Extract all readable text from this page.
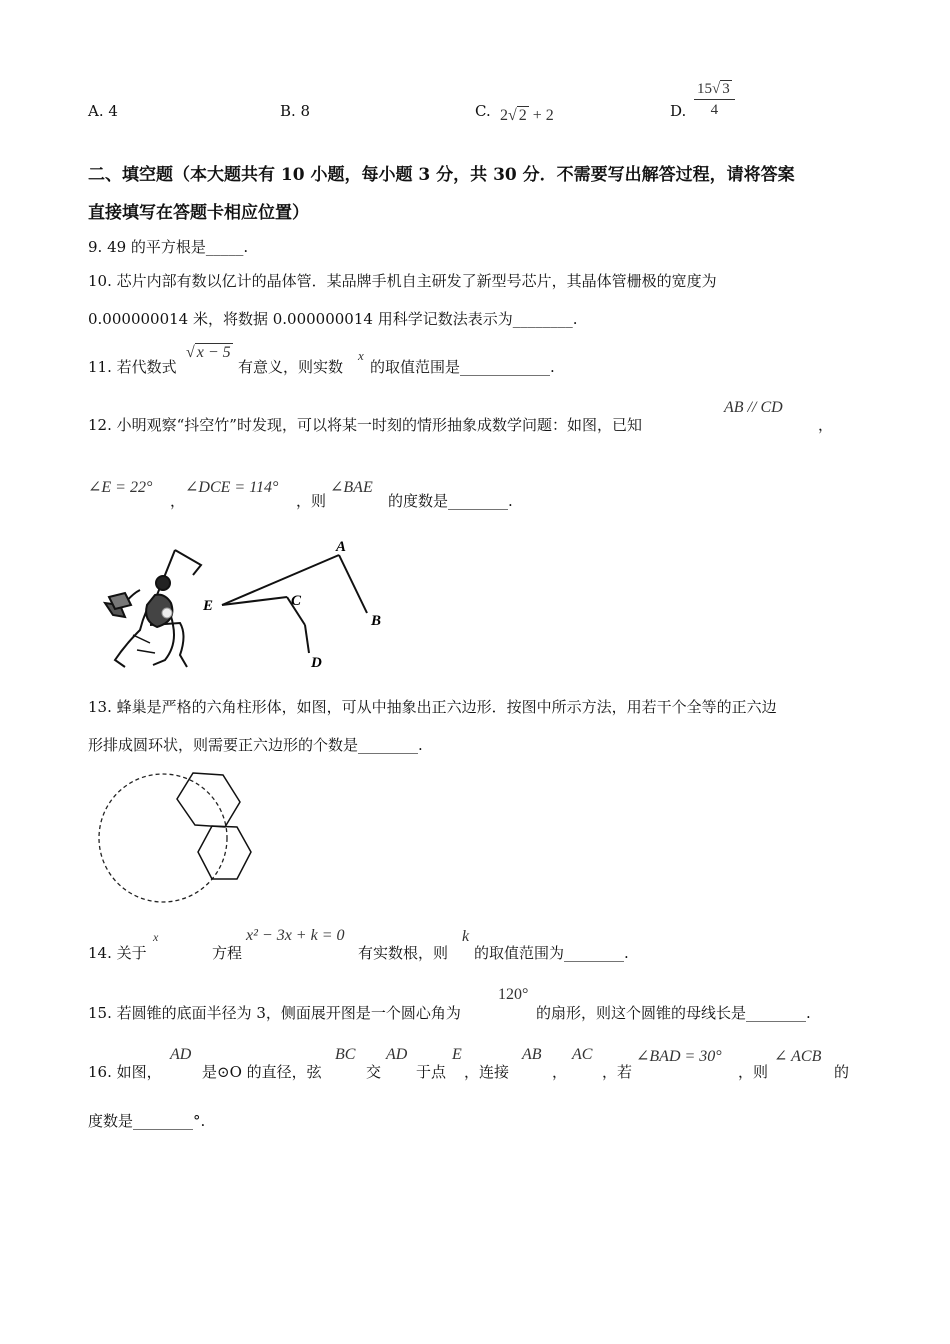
A. 4	B. 8	C. 2√ 2 + 2	D. $\frac{15√ 3}{4}$
二、填空题（本大题共有 10 小题，每小题 3 分，共 30 分．不需要写出解答过程，请将答案
直接填写在答题卡相应位置）
9. 49 的平方根是_____.
10. 芯片内部有数以亿计的晶体管．某品牌手机自主研发了新型号芯片，其晶体管栅极的宽度为
0.000000014 米，将数据 0.000000014 用科学记数法表示为________.
11. 若代数式
√ x − 5
有意义，则实数
x
的取值范围是____________.
12. 小明观察“抖空竹”时发现，可以将某一时刻的情形抽象成数学问题：如图，已知
AB // CD
，
∠E = 22°
，
∠DCE = 114°
，则
∠BAE
的度数是________.
A
B
C
D
E
13. 蜂巢是严格的六角柱形体，如图，可从中抽象出正六边形．按图中所示方法，用若干个全等的正六边
形排成圆环状，则需要正六边形的个数是________.
14. 关于
x
方程
x² − 3x + k = 0
有实数根，则
k
的取值范围为________.
15. 若圆锥的底面半径为 3，侧面展开图是一个圆心角为
120°
的扇形，则这个圆锥的母线长是________.
16. 如图，
AD
是⊙O 的直径，弦
BC
交
AD
于点
E
，连接
AB
，
AC
，若
∠BAD = 30°
，则
∠ ACB
的
度数是________°.
